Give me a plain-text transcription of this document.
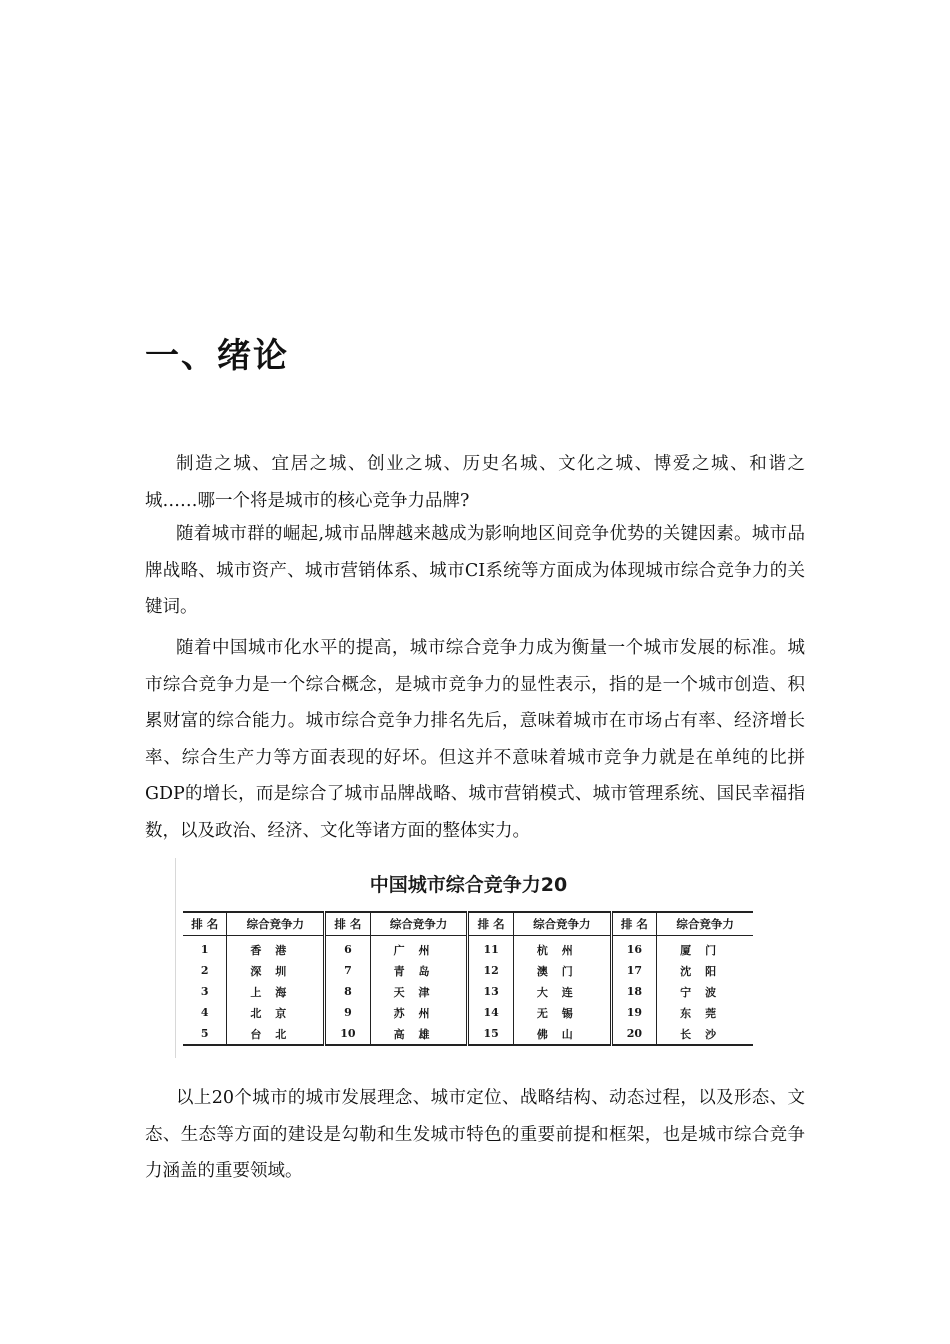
一、绪论

制造之城、宜居之城、创业之城、历史名城、文化之城、博爱之城、和谐之城……哪一个将是城市的核心竞争力品牌?

随着城市群的崛起,城市品牌越来越成为影响地区间竞争优势的关键因素。城市品牌战略、城市资产、城市营销体系、城市CI系统等方面成为体现城市综合竞争力的关键词。

随着中国城市化水平的提高，城市综合竞争力成为衡量一个城市发展的标准。城市综合竞争力是一个综合概念，是城市竞争力的显性表示，指的是一个城市创造、积累财富的综合能力。城市综合竞争力排名先后，意味着城市在市场占有率、经济增长率、综合生产力等方面表现的好坏。但这并不意味着城市竞争力就是在单纯的比拼GDP的增长，而是综合了城市品牌战略、城市营销模式、城市管理系统、国民幸福指数，以及政治、经济、文化等诸方面的整体实力。

中国城市综合竞争力20
排 名	综合竞争力	排 名	综合竞争力	排 名	综合竞争力	排 名	综合竞争力
1	香港	6	广州	11	杭州	16	厦门
2	深圳	7	青岛	12	澳门	17	沈阳
3	上海	8	天津	13	大连	18	宁波
4	北京	9	苏州	14	无锡	19	东莞
5	台北	10	高雄	15	佛山	20	长沙

以上20个城市的城市发展理念、城市定位、战略结构、动态过程，以及形态、文态、生态等方面的建设是勾勒和生发城市特色的重要前提和框架，也是城市综合竞争力涵盖的重要领域。
